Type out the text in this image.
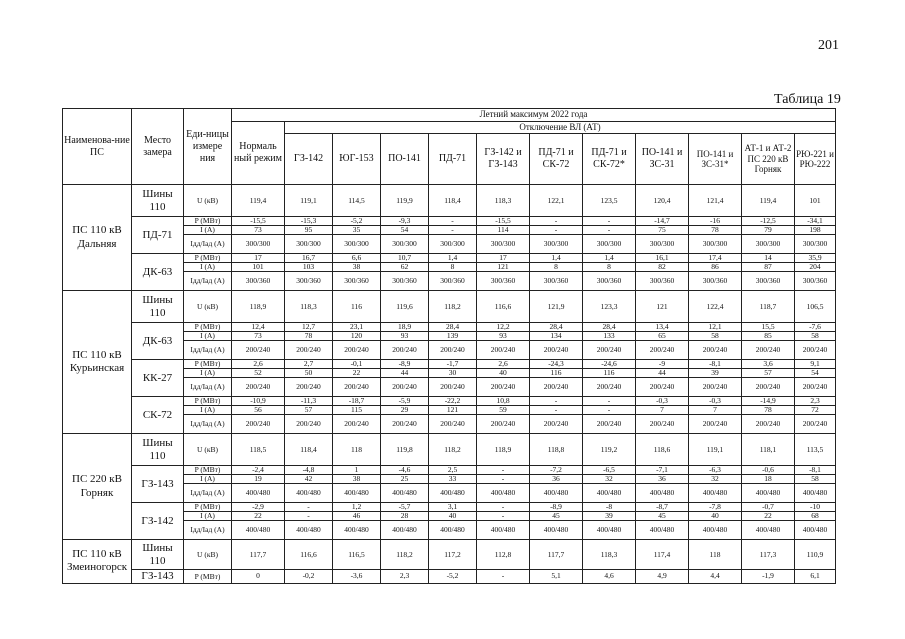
201
Таблица 19
Наименова-ние ПС	Место замера	Еди-ницы измере ния	Летний максимум 2022 года											
			Нормаль ный режим	Отключение ВЛ (АТ)										
				ГЗ-142	ЮГ-153	ПО-141	ПД-71	ГЗ-142 и ГЗ-143	ПД-71 и СК-72	ПД-71 и СК-72*	ПО-141 и ЗС-31	ПО-141 и ЗС-31*	АТ-1 и АТ-2 ПС 220 кВ Горняк	РЮ-221 и РЮ-222
ПС 110 кВ Дальняя	Шины 110	U (кВ)	119,4	119,1	114,5	119,9	118,4	118,3	122,1	123,5	120,4	121,4	119,4	101
	ПД-71	P (МВт)	-15,5	-15,3	-5,2	-9,3	-	-15,5	-	-	-14,7	-16	-12,5	-34,1
		I (A)	73	95	35	54	-	114	-	-	75	78	79	198
		Iдд/Iад (А)	300/300	300/300	300/300	300/300	300/300	300/300	300/300	300/300	300/300	300/300	300/300	300/300
	ДК-63	P (МВт)	17	16,7	6,6	10,7	1,4	17	1,4	1,4	16,1	17,4	14	35,9
		I (A)	101	103	38	62	8	121	8	8	82	86	87	204
		Iдд/Iад (А)	300/360	300/360	300/360	300/360	300/360	300/360	300/360	300/360	300/360	300/360	300/360	300/360
ПС 110 кВ Курьинская	Шины 110	U (кВ)	118,9	118,3	116	119,6	118,2	116,6	121,9	123,3	121	122,4	118,7	106,5
	ДК-63	P (МВт)	12,4	12,7	23,1	18,9	28,4	12,2	28,4	28,4	13,4	12,1	15,5	-7,6
		I (A)	73	78	120	93	139	93	134	133	65	58	85	58
		Iдд/Iад (А)	200/240	200/240	200/240	200/240	200/240	200/240	200/240	200/240	200/240	200/240	200/240	200/240
	КК-27	P (МВт)	2,6	2,7	-0,1	-8,9	-1,7	2,6	-24,3	-24,6	-9	-8,1	3,6	9,1
		I (A)	52	50	22	44	30	40	116	116	44	39	57	54
		Iдд/Iад (А)	200/240	200/240	200/240	200/240	200/240	200/240	200/240	200/240	200/240	200/240	200/240	200/240
	СК-72	P (МВт)	-10,9	-11,3	-18,7	-5,9	-22,2	10,8	-	-	-0,3	-0,3	-14,9	2,3
		I (A)	56	57	115	29	121	59	-	-	7	7	78	72
		Iдд/Iад (А)	200/240	200/240	200/240	200/240	200/240	200/240	200/240	200/240	200/240	200/240	200/240	200/240
ПС 220 кВ Горняк	Шины 110	U (кВ)	118,5	118,4	118	119,8	118,2	118,9	118,8	119,2	118,6	119,1	118,1	113,5
	ГЗ-143	P (МВт)	-2,4	-4,8	1	-4,6	2,5	-	-7,2	-6,5	-7,1	-6,3	-0,6	-8,1
		I (A)	19	42	38	25	33	-	36	32	36	32	18	58
		Iдд/Iад (А)	400/480	400/480	400/480	400/480	400/480	400/480	400/480	400/480	400/480	400/480	400/480	400/480
	ГЗ-142	P (МВт)	-2,9	-	1,2	-5,7	3,1	-	-8,9	-8	-8,7	-7,8	-0,7	-10
		I (A)	22	-	46	28	40	-	45	39	45	40	22	68
		Iдд/Iад (А)	400/480	400/480	400/480	400/480	400/480	400/480	400/480	400/480	400/480	400/480	400/480	400/480
ПС 110 кВ Змеиногорск	Шины 110	U (кВ)	117,7	116,6	116,5	118,2	117,2	112,8	117,7	118,3	117,4	118	117,3	110,9
	ГЗ-143	P (МВт)	0	-0,2	-3,6	2,3	-5,2	-	5,1	4,6	4,9	4,4	-1,9	6,1
